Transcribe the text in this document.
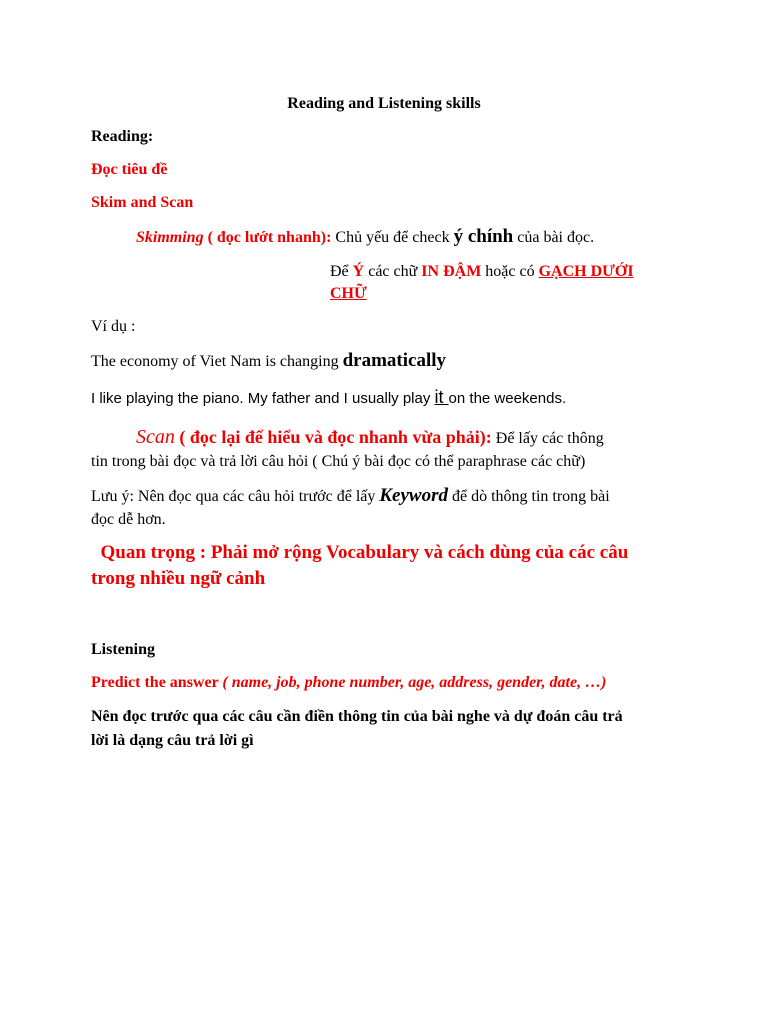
Reading and Listening skills
Reading:
Đọc tiêu đề
Skim and Scan
Skimming ( đọc lướt nhanh): Chủ yếu để check ý chính của bài đọc.
Để Ý các chữ IN ĐẬM hoặc có GẠCH DƯỚI
CHỮ
Ví dụ :
The economy of Viet Nam is changing dramatically
I like playing the piano. My father and I usually play it on the weekends.
Scan ( đọc lại để hiểu và đọc nhanh vừa phải): Để lấy các thông
tin trong bài đọc và trả lời câu hỏi ( Chú ý bài đọc có thể paraphrase các chữ)
Lưu ý: Nên đọc qua các câu hỏi trước để lấy Keyword để dò thông tin trong bài
đọc dễ hơn.
Quan trọng : Phải mở rộng Vocabulary và cách dùng của các câu
trong nhiều ngữ cảnh
Listening
Predict the answer ( name, job, phone number, age, address, gender, date, …)
Nên đọc trước qua các câu cần điền thông tin của bài nghe và dự đoán câu trả
lời là dạng câu trả lời gì
